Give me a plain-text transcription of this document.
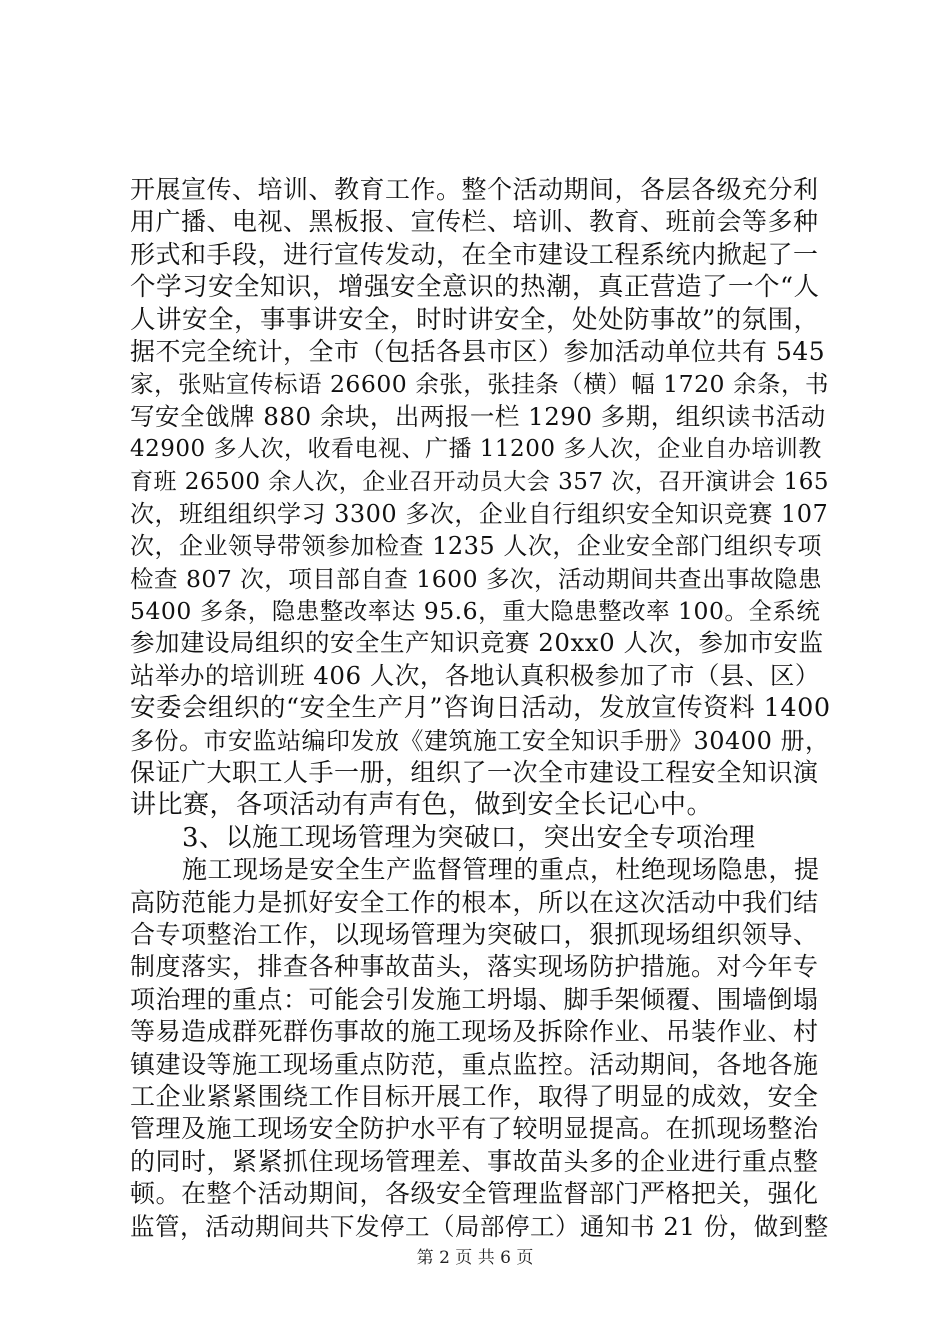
开展宣传、培训、教育工作。整个活动期间，各层各级充分利
用广播、电视、黑板报、宣传栏、培训、教育、班前会等多种
形式和手段，进行宣传发动，在全市建设工程系统内掀起了一
个学习安全知识，增强安全意识的热潮，真正营造了一个“人
人讲安全，事事讲安全，时时讲安全，处处防事故”的氛围，
据不完全统计，全市（包括各县市区）参加活动单位共有 545
家，张贴宣传标语 26600 余张，张挂条（横）幅 1720 余条，书
写安全戗牌 880 余块，出两报一栏 1290 多期，组织读书活动
42900 多人次，收看电视、广播 11200 多人次，企业自办培训教
育班 26500 余人次，企业召开动员大会 357 次，召开演讲会 165
次，班组组织学习 3300 多次，企业自行组织安全知识竞赛 107
次，企业领导带领参加检查 1235 人次，企业安全部门组织专项
检查 807 次，项目部自查 1600 多次，活动期间共查出事故隐患
5400 多条，隐患整改率达 95.6，重大隐患整改率 100。全系统
参加建设局组织的安全生产知识竞赛 20xx0 人次，参加市安监
站举办的培训班 406 人次，各地认真积极参加了市（县、区）
安委会组织的“安全生产月”咨询日活动，发放宣传资料 1400
多份。市安监站编印发放《建筑施工安全知识手册》30400 册，
保证广大职工人手一册，组织了一次全市建设工程安全知识演
讲比赛，各项活动有声有色，做到安全长记心中。
3、以施工现场管理为突破口，突出安全专项治理
施工现场是安全生产监督管理的重点，杜绝现场隐患，提
高防范能力是抓好安全工作的根本，所以在这次活动中我们结
合专项整治工作，以现场管理为突破口，狠抓现场组织领导、
制度落实，排查各种事故苗头，落实现场防护措施。对今年专
项治理的重点：可能会引发施工坍塌、脚手架倾覆、围墙倒塌
等易造成群死群伤事故的施工现场及拆除作业、吊装作业、村
镇建设等施工现场重点防范，重点监控。活动期间，各地各施
工企业紧紧围绕工作目标开展工作，取得了明显的成效，安全
管理及施工现场安全防护水平有了较明显提高。在抓现场整治
的同时，紧紧抓住现场管理差、事故苗头多的企业进行重点整
顿。在整个活动期间，各级安全管理监督部门严格把关，强化
监管，活动期间共下发停工（局部停工）通知书 21 份，做到整
第 2 页 共 6 页
